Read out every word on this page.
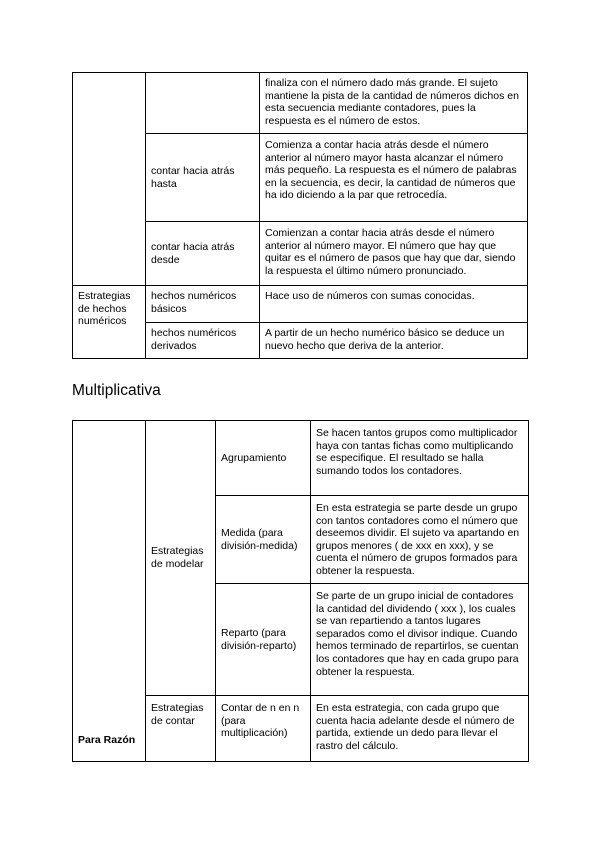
		finaliza con el número dado más grande. El sujeto mantiene la pista de la cantidad de números dichos en esta secuencia mediante contadores, pues la respuesta es el número de estos.

	contar hacia atrás hasta	Comienza a contar hacia atrás desde el número anterior al número mayor hasta alcanzar el número más pequeño. La respuesta es el número de palabras en la secuencia, es decir, la cantidad de números que ha ido diciendo a la par que retrocedía.

	contar hacia atrás desde	Comienzan a contar hacia atrás desde el número anterior al número mayor. El número que hay que quitar es el número de pasos que hay que dar, siendo la respuesta el último número pronunciado.

Estrategias de hechos numéricos	hechos numéricos básicos	Hace uso de números con sumas conocidas.

	hechos numéricos derivados	A partir de un hecho numérico básico se deduce un nuevo hecho que deriva de la anterior.
Multiplicativa
Para Razón	Estrategias de modelar	Agrupamiento	Se hacen tantos grupos como multiplicador haya con tantas fichas como multiplicando se especifique. El resultado se halla sumando todos los contadores.

		Medida (para división-medida)	En esta estrategia se parte desde un grupo con tantos contadores como el número que deseemos dividir. El sujeto va apartando en grupos menores ( de xxx en xxx), y se cuenta el número de grupos formados para obtener la respuesta.

		Reparto (para división-reparto)	Se parte de un grupo inicial de contadores la cantidad del dividendo ( xxx ), los cuales se van repartiendo a tantos lugares separados como el divisor indique. Cuando hemos terminado de repartirlos, se cuentan los contadores que hay en cada grupo para obtener la respuesta.

	Estrategias de contar	Contar de n en n (para multiplicación)	En esta estrategia, con cada grupo que cuenta hacia adelante desde el número de partida, extiende un dedo para llevar el rastro del cálculo.
